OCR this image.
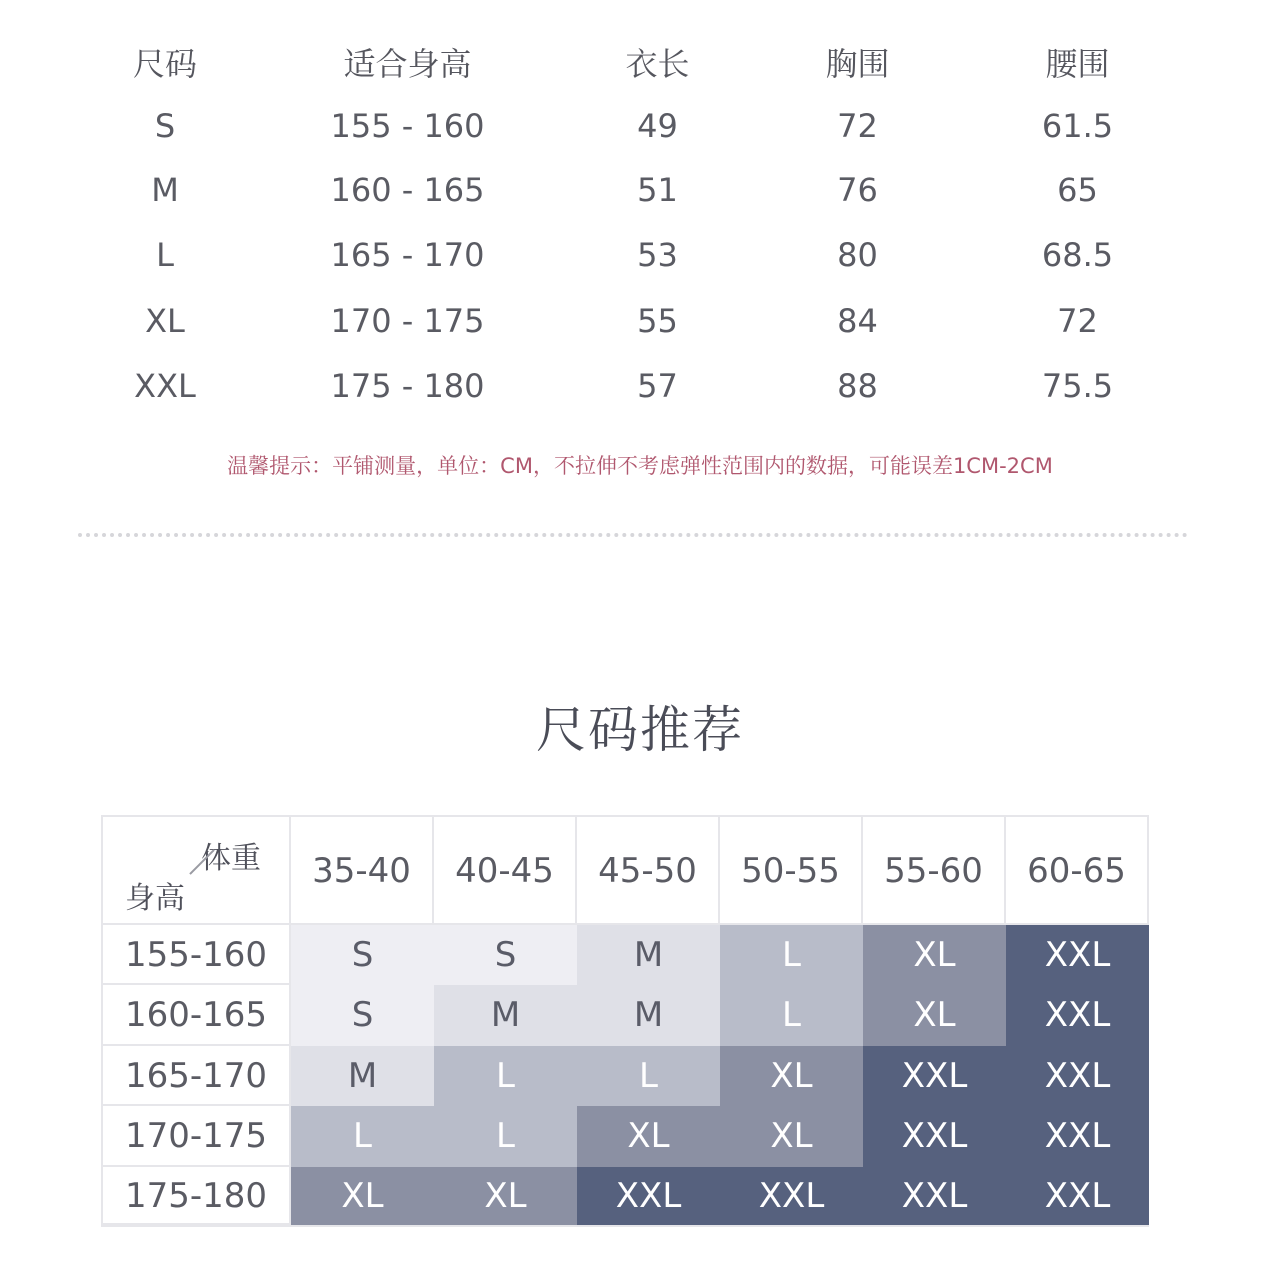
尺码	适合身高	衣长	胸围	腰围
S	155 - 160	49	72	61.5
M	160 - 165	51	76	65
L	165 - 170	53	80	68.5
XL	170 - 175	55	84	72
XXL	175 - 180	57	88	75.5
温馨提示：平铺测量，单位：CM，不拉伸不考虑弹性范围内的数据，可能误差1CM-2CM
尺码推荐
体重
身高
35-40	40-45	45-50	50-55	55-60	60-65
155-160	S	S	M	L	XL	XXL
160-165	S	M	M	L	XL	XXL
165-170	M	L	L	XL	XXL	XXL
170-175	L	L	XL	XL	XXL	XXL
175-180	XL	XL	XXL	XXL	XXL	XXL
